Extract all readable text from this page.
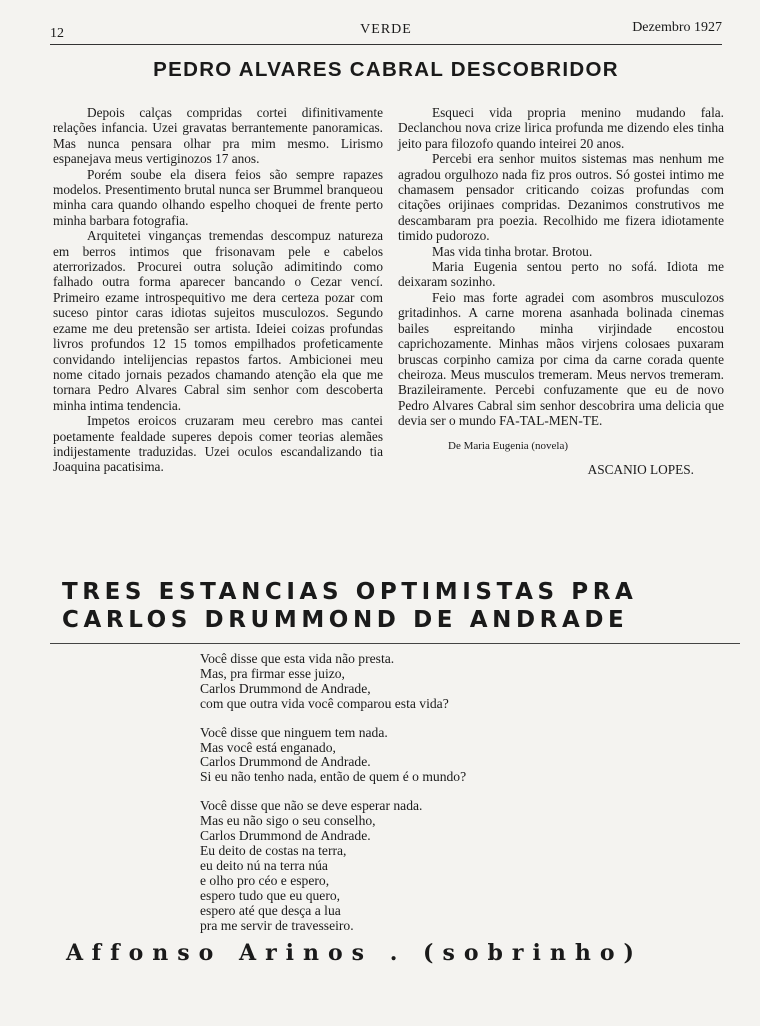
12	VERDE	Dezembro 1927
PEDRO ALVARES CABRAL DESCOBRIDOR

Depois calças compridas cortei difinitivamente relações infancia. Uzei gravatas berrantemente panoramicas. Mas nunca pensara olhar pra mim mesmo. Lirismo espanejava meus vertiginozos 17 anos.

Porém soube ela disera feios são sempre rapazes modelos. Presentimento brutal nunca ser Brummel branqueou minha cara quando olhando espelho choquei de frente perto minha barbara fotografia.

Arquitetei vinganças tremendas descompuz natureza em berros intimos que frisonavam pele e cabelos aterrorizados. Procurei outra solução adimitindo como falhado outra forma aparecer bancando o Cezar vencí. Primeiro ezame introspequitivo me dera certeza pozar com suceso pintor caras idiotas sujeitos musculozos. Segundo ezame me deu pretensão ser artista. Ideiei coizas profundas livros profundos 12 15 tomos empilhados profeticamente convidando intelijencias repastos fartos. Ambicionei meu nome citado jornais pezados chamando atenção ela que me tornara Pedro Alvares Cabral sim senhor com descoberta minha intima tendencia.

Impetos eroicos cruzaram meu cerebro mas cantei poetamente fealdade superes depois comer teorias alemães indijestamente traduzidas. Uzei oculos escandalizando tia Joaquina pacatisima.

Esqueci vida propria menino mudando fala. Declanchou nova crize lirica profunda me dizendo eles tinha jeito para filozofo quando inteirei 20 anos.

Percebi era senhor muitos sistemas mas nenhum me agradou orgulhozo nada fiz pros outros. Só gostei intimo me chamasem pensador criticando coizas profundas com citações orijinaes compridas. Dezanimos construtivos me descambaram pra poezia. Recolhido me fizera idiotamente timido pudorozo.

Mas vida tinha brotar. Brotou.

Maria Eugenia sentou perto no sofá. Idiota me deixaram sozinho.

Feio mas forte agradei com asombros musculozos gritadinhos. A carne morena asanhada bolinada cinemas bailes espreitando minha virjindade encostou caprichozamente. Minhas mãos virjens colosaes puxaram bruscas corpinho camiza por cima da carne corada quente cheiroza. Meus musculos tremeram. Meus nervos tremeram. Brazileiramente. Percebi confuzamente que eu de novo Pedro Alvares Cabral sim senhor descobrira uma delicia que devia ser o mundo FA-TAL-MEN-TE.

De Maria Eugenia (novela)

ASCANIO LOPES.

TRES ESTANCIAS OPTIMISTAS PRA
CARLOS DRUMMOND DE ANDRADE
Você disse que esta vida não presta.
Mas, pra firmar esse juizo,
Carlos Drummond de Andrade,
com que outra vida você comparou esta vida?
Você disse que ninguem tem nada.
Mas você está enganado,
Carlos Drummond de Andrade.
Si eu não tenho nada, então de quem é o mundo?
Você disse que não se deve esperar nada.
Mas eu não sigo o seu conselho,
Carlos Drummond de Andrade.
Eu deito de costas na terra,
eu deito nú na terra núa
e olho pro céo e espero,
espero tudo que eu quero,
espero até que desça a lua
pra me servir de travesseiro.
Affonso Arinos . (sobrinho)
